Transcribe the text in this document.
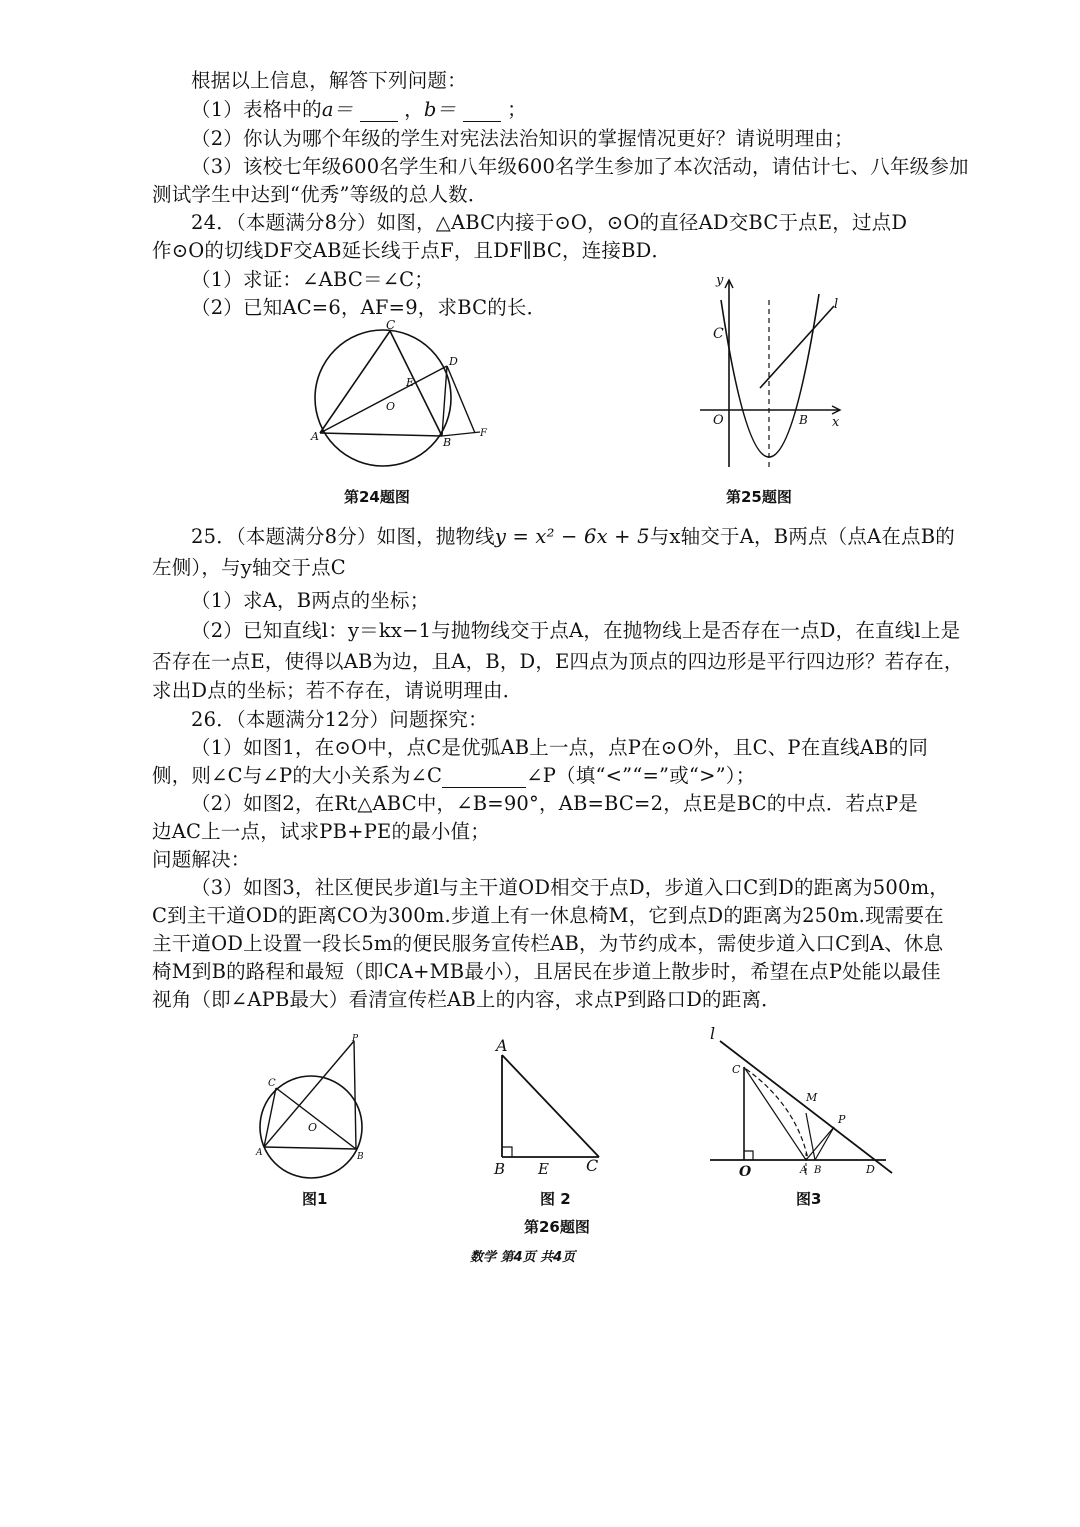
根据以上信息，解答下列问题：
（1）表格中的a＝	，b＝	；
（2）你认为哪个年级的学生对宪法法治知识的掌握情况更好？请说明理由；
（3）该校七年级600名学生和八年级600名学生参加了本次活动，请估计七、八年级参加
测试学生中达到“优秀”等级的总人数．
24．（本题满分8分）如图，△ABC内接于⊙O，⊙O的直径AD交BC于点E，过点D
作⊙O的切线DF交AB延长线于点F，且DF∥BC，连接BD．
（1）求证：∠ABC＝∠C；
（2）已知AC=6，AF=9，求BC的长．
C
D
A	B
F
O
E
第24题图
y
x
C
O	B
l
第25题图
25．（本题满分8分）如图，抛物线y = x² − 6x + 5与x轴交于A，B两点（点A在点B的
左侧），与y轴交于点C
（1）求A，B两点的坐标；
（2）已知直线l：y＝kx−1与抛物线交于点A，在抛物线上是否存在一点D，在直线l上是
否存在一点E，使得以AB为边，且A，B，D，E四点为顶点的四边形是平行四边形？若存在，
求出D点的坐标；若不存在，请说明理由．
26．（本题满分12分）问题探究：
（1）如图1，在⊙O中，点C是优弧AB上一点，点P在⊙O外，且C、P在直线AB的同
侧，则∠C与∠P的大小关系为∠C	∠P（填“<”“=”或“>”）；
（2）如图2，在Rt△ABC中，∠B=90°，AB=BC=2，点E是BC的中点．若点P是
边AC上一点，试求PB+PE的最小值；
问题解决：
（3）如图3，社区便民步道l与主干道OD相交于点D，步道入口C到D的距离为500m，
C到主干道OD的距离CO为300m.步道上有一休息椅M，它到点D的距离为250m.现需要在
主干道OD上设置一段长5m的便民服务宣传栏AB，为节约成本，需使步道入口C到A、休息
椅M到B的路程和最短（即CA+MB最小），且居民在步道上散步时，希望在点P处能以最佳
视角（即∠APB最大）看清宣传栏AB上的内容，求点P到路口D的距离．
P
C
A	B
O
图1
A
B E C
图 2
l
C
M
P
O	A B	D
图3
第26题图
数学 第4页 共4页
